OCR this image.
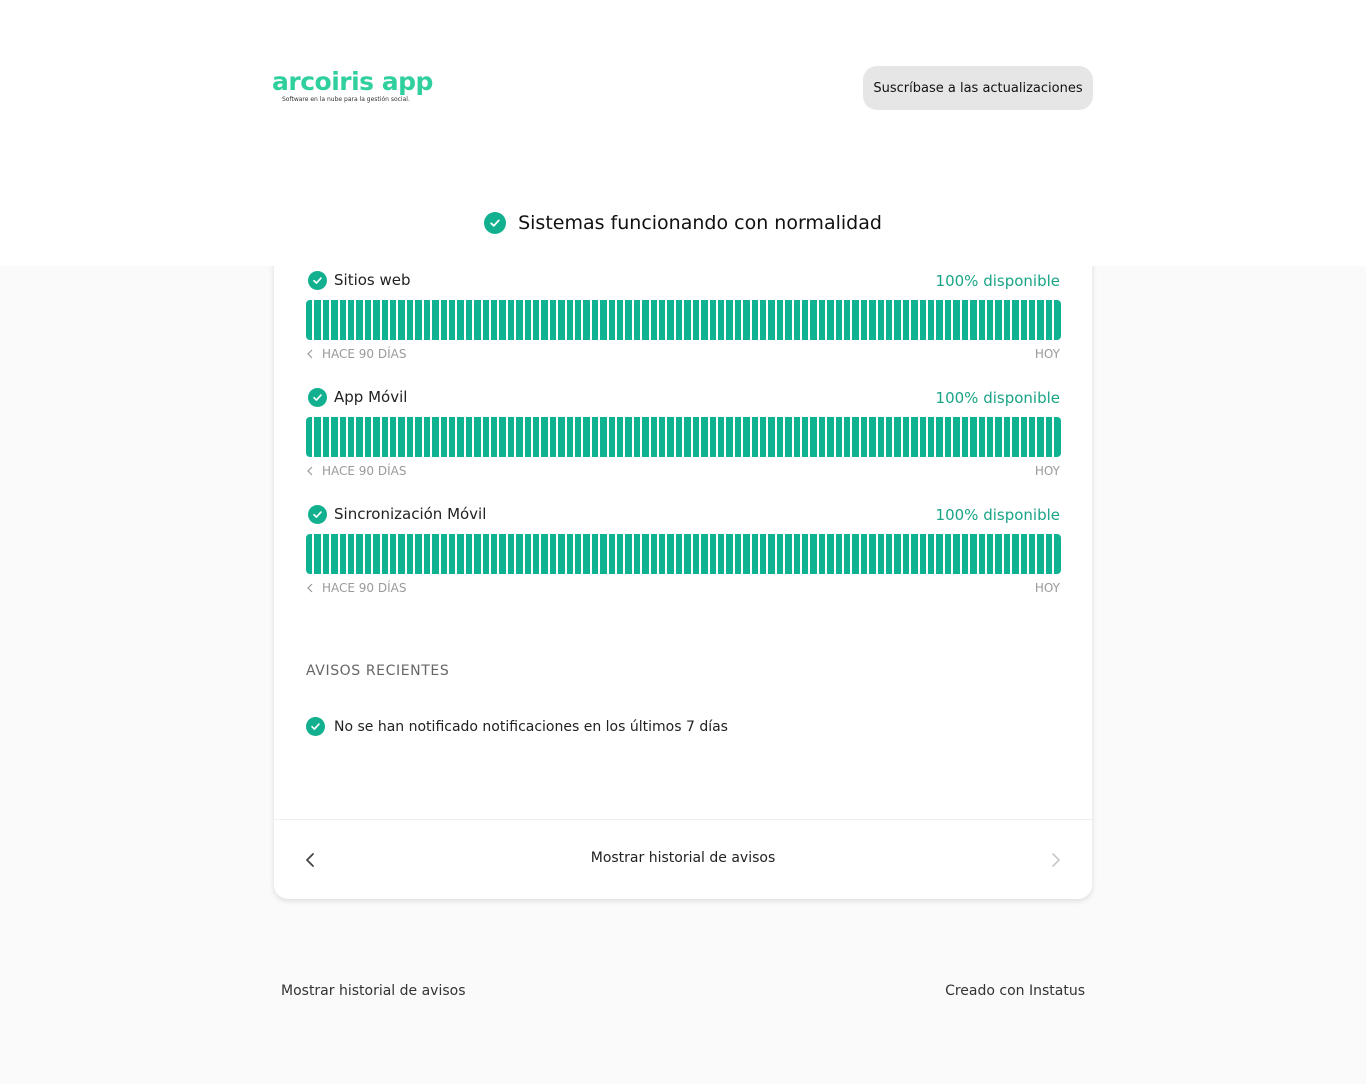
arcoiris app
Software en la nube para la gestión social.
Suscríbase a las actualizaciones
Sistemas funcionando con normalidad
Sitios web	100% disponible
HACE 90 DÍAS	HOY
App Móvil	100% disponible
HACE 90 DÍAS	HOY
Sincronización Móvil	100% disponible
HACE 90 DÍAS	HOY
AVISOS RECIENTES
No se han notificado notificaciones en los últimos 7 días
Mostrar historial de avisos
Mostrar historial de avisos	Creado con Instatus
